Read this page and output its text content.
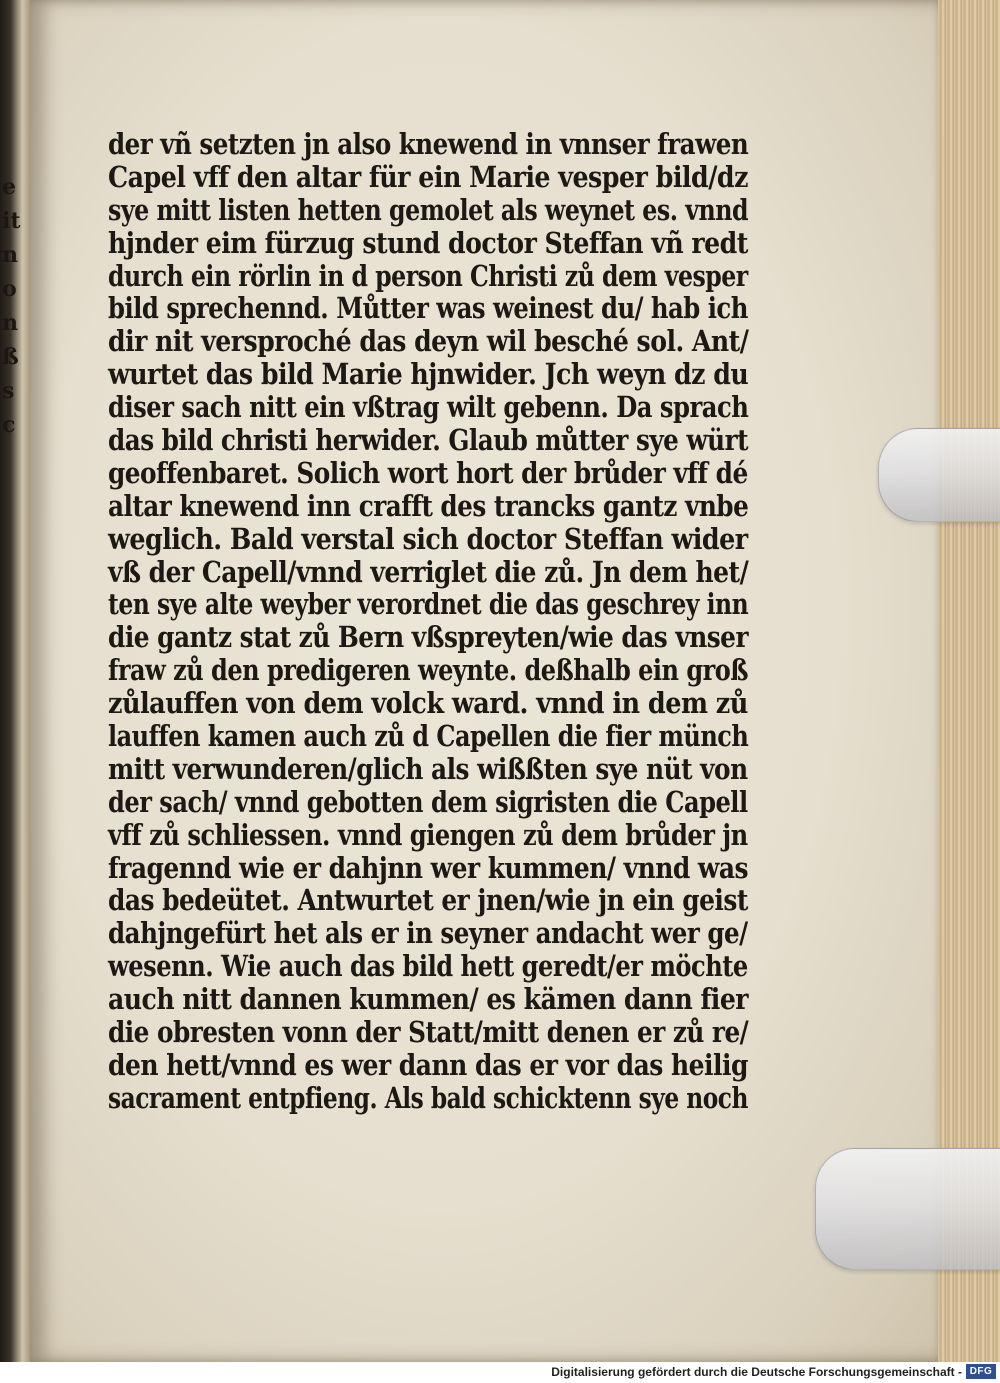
e
it
n
o
n
ß
s
c
der vñ setzten jn also knewend in vnnser frawen
Capel vff den altar für ein Marie vesper bild/dz
sye mitt listen hetten gemolet als weynet es. vnnd
hjnder eim fürzug stund doctor Steffan vñ redt
durch ein rörlin in d person Christi zů dem vesper
bild sprechennd. Můtter was weinest du/ hab ich
dir nit versproché das deyn wil besché sol. Ant/
wurtet das bild Marie hjnwider. Jch weyn dz du
diser sach nitt ein vßtrag wilt gebenn. Da sprach
das bild christi herwider. Glaub můtter sye würt
geoffenbaret. Solich wort hort der brůder vff dé
altar knewend inn crafft des trancks gantz vnbe
weglich. Bald verstal sich doctor Steffan wider
vß der Capell/vnnd verriglet die zů. Jn dem het/
ten sye alte weyber verordnet die das geschrey inn
die gantz stat zů Bern vßspreyten/wie das vnser
fraw zů den predigeren weynte. deßhalb ein groß
zůlauffen von dem volck ward. vnnd in dem zů
lauffen kamen auch zů d Capellen die fier münch
mitt verwunderen/glich als wißßten sye nüt von
der sach/ vnnd gebotten dem sigristen die Capell
vff zů schliessen. vnnd giengen zů dem brůder jn
fragennd wie er dahjnn wer kummen/ vnnd was
das bedeütet. Antwurtet er jnen/wie jn ein geist
dahjngefürt het als er in seyner andacht wer ge/
wesenn. Wie auch das bild hett geredt/er möchte
auch nitt dannen kummen/ es kämen dann fier
die obresten vonn der Statt/mitt denen er zů re/
den hett/vnnd es wer dann das er vor das heilig
sacrament entpfieng. Als bald schicktenn sye noch
Digitalisierung gefördert durch die Deutsche Forschungsgemeinschaft - DFG
